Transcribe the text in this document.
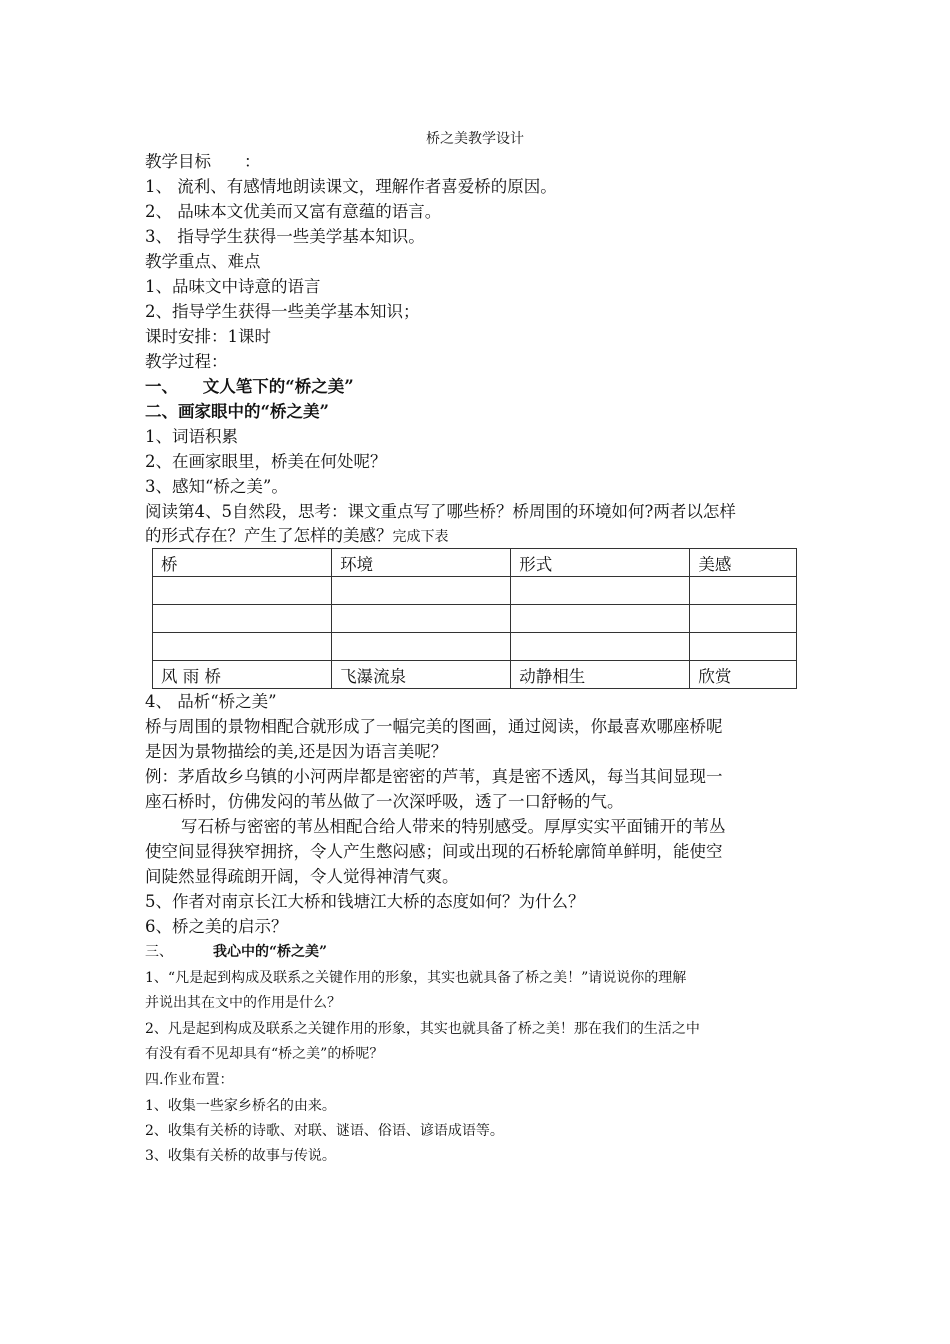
桥之美教学设计
教学目标　　：
1、 流利、有感情地朗读课文，理解作者喜爱桥的原因。
2、 品味本文优美而又富有意蕴的语言。
3、 指导学生获得一些美学基本知识。
教学重点、难点
1、品味文中诗意的语言
2、指导学生获得一些美学基本知识；
课时安排：1课时
教学过程：
一、　　文人笔下的“桥之美”
二、画家眼中的“桥之美”
1、词语积累
2、在画家眼里，桥美在何处呢？
3、感知“桥之美”。
阅读第4、5自然段，思考：课文重点写了哪些桥？桥周围的环境如何?两者以怎样
的形式存在？产生了怎样的美感？完成下表
桥	环境	形式	美感

风 雨 桥	飞瀑流泉	动静相生	欣赏
4、 品析“桥之美”
桥与周围的景物相配合就形成了一幅完美的图画，通过阅读，你最喜欢哪座桥呢
是因为景物描绘的美,还是因为语言美呢？
例：茅盾故乡乌镇的小河两岸都是密密的芦苇，真是密不透风，每当其间显现一
座石桥时，仿佛发闷的苇丛做了一次深呼吸，透了一口舒畅的气。
写石桥与密密的苇丛相配合给人带来的特别感受。厚厚实实平面铺开的苇丛
使空间显得狭窄拥挤，令人产生憋闷感；间或出现的石桥轮廓简单鲜明，能使空
间陡然显得疏朗开阔，令人觉得神清气爽。
5、作者对南京长江大桥和钱塘江大桥的态度如何？为什么？
6、桥之美的启示？
三、	我心中的“桥之美”
1、“凡是起到构成及联系之关键作用的形象，其实也就具备了桥之美！”请说说你的理解
并说出其在文中的作用是什么？
2、凡是起到构成及联系之关键作用的形象，其实也就具备了桥之美！那在我们的生活之中
有没有看不见却具有“桥之美”的桥呢？
四.作业布置：
1、收集一些家乡桥名的由来。
2、收集有关桥的诗歌、对联、谜语、俗语、谚语成语等。
3、收集有关桥的故事与传说。
